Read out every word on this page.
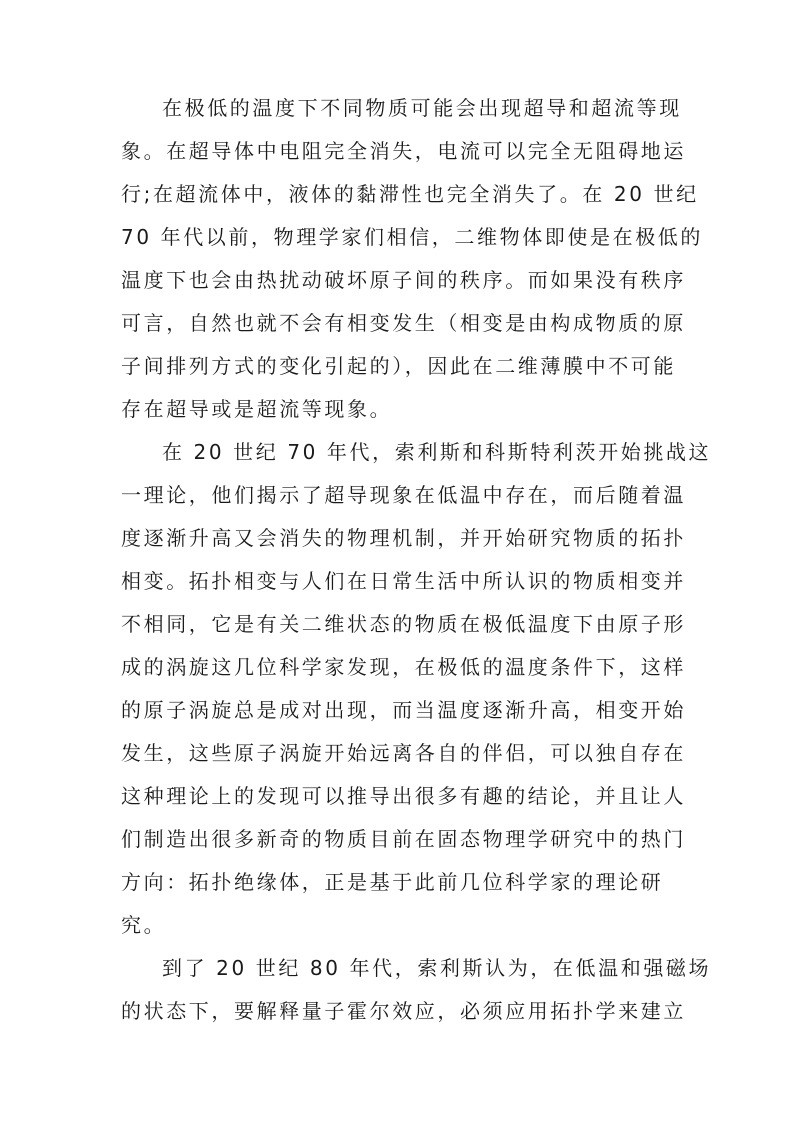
在极低的温度下不同物质可能会出现超导和超流等现
象。在超导体中电阻完全消失，电流可以完全无阻碍地运
行;在超流体中，液体的黏滞性也完全消失了。在 20 世纪
70 年代以前，物理学家们相信，二维物体即使是在极低的
温度下也会由热扰动破坏原子间的秩序。而如果没有秩序
可言，自然也就不会有相变发生（相变是由构成物质的原
子间排列方式的变化引起的），因此在二维薄膜中不可能
存在超导或是超流等现象。
在 20 世纪 70 年代，索利斯和科斯特利茨开始挑战这
一理论，他们揭示了超导现象在低温中存在，而后随着温
度逐渐升高又会消失的物理机制，并开始研究物质的拓扑
相变。拓扑相变与人们在日常生活中所认识的物质相变并
不相同，它是有关二维状态的物质在极低温度下由原子形
成的涡旋这几位科学家发现，在极低的温度条件下，这样
的原子涡旋总是成对出现，而当温度逐渐升高，相变开始
发生，这些原子涡旋开始远离各自的伴侣，可以独自存在
这种理论上的发现可以推导出很多有趣的结论，并且让人
们制造出很多新奇的物质目前在固态物理学研究中的热门
方向：拓扑绝缘体，正是基于此前几位科学家的理论研
究。
到了 20 世纪 80 年代，索利斯认为，在低温和强磁场
的状态下，要解释量子霍尔效应，必须应用拓扑学来建立
